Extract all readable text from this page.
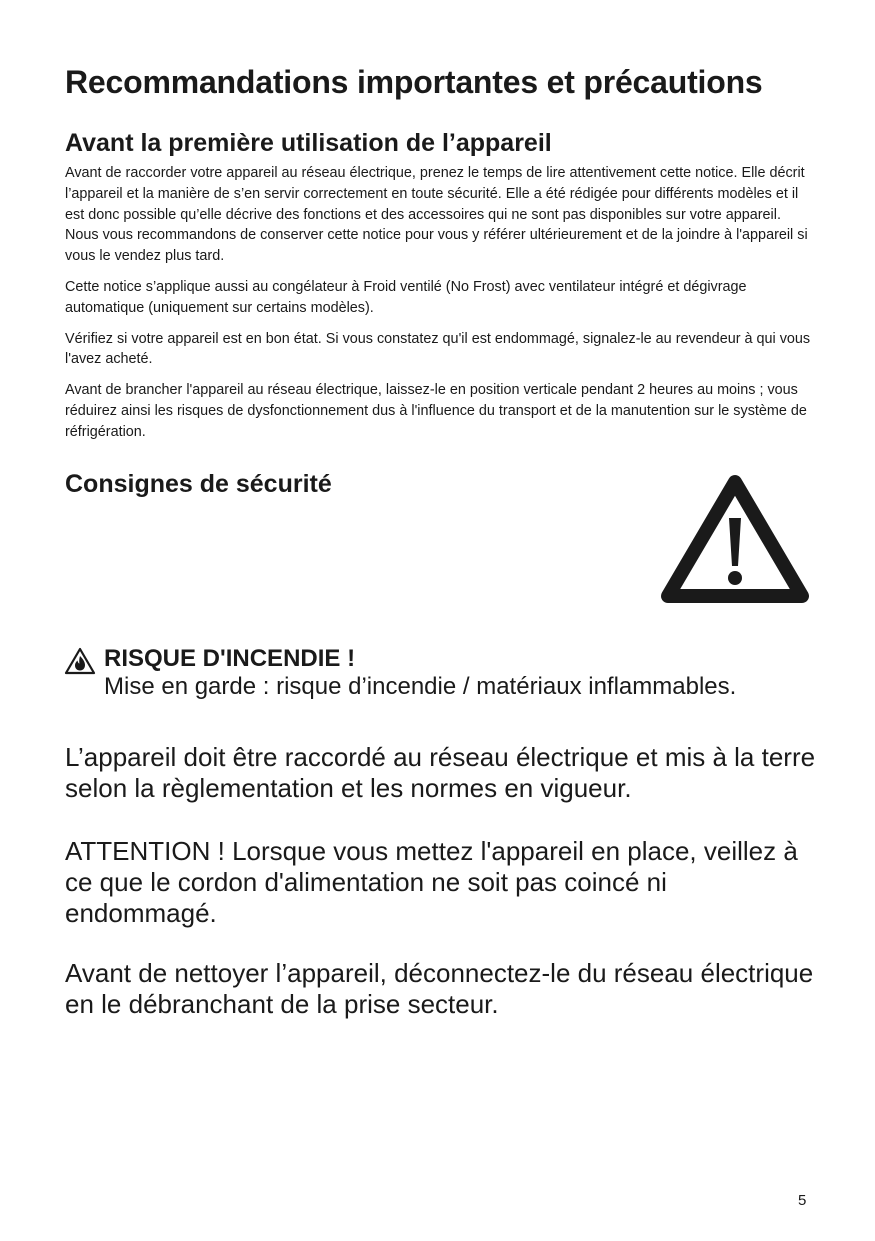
Recommandations importantes et précautions
Avant la première utilisation de l’appareil

Avant de raccorder votre appareil au réseau électrique, prenez le temps de lire attentivement cette notice. Elle décrit l’appareil et la manière de s’en servir correctement en toute sécurité. Elle a été rédigée pour différents modèles et il est donc possible qu’elle décrive des fonctions et des accessoires qui ne sont pas disponibles sur votre appareil. Nous vous recommandons de conserver cette notice pour vous y référer ultérieurement et de la joindre à l'appareil si vous le vendez plus tard.

Cette notice s’applique aussi au congélateur à Froid ventilé (No Frost) avec ventilateur intégré et dégivrage automatique (uniquement sur certains modèles).

Vérifiez si votre appareil est en bon état. Si vous constatez qu'il est endommagé, signalez-le au revendeur à qui vous l'avez acheté.

Avant de brancher l'appareil au réseau électrique, laissez-le en position verticale pendant 2 heures au moins ; vous réduirez ainsi les risques de dysfonctionnement dus à l'influence du transport et de la manutention sur le système de réfrigération.

Consignes de sécurité
RISQUE D'INCENDIE !
Mise en garde : risque d’incendie / matériaux inflammables.

L’appareil doit être raccordé au réseau électrique et mis à la terre selon la règlementation et les normes en vigueur.

ATTENTION ! Lorsque vous mettez l'appareil en place, veillez à ce que le cordon d'alimentation ne soit pas coincé ni endommagé.

Avant de nettoyer l’appareil, déconnectez-le du réseau électrique en le débranchant de la prise secteur.

5
